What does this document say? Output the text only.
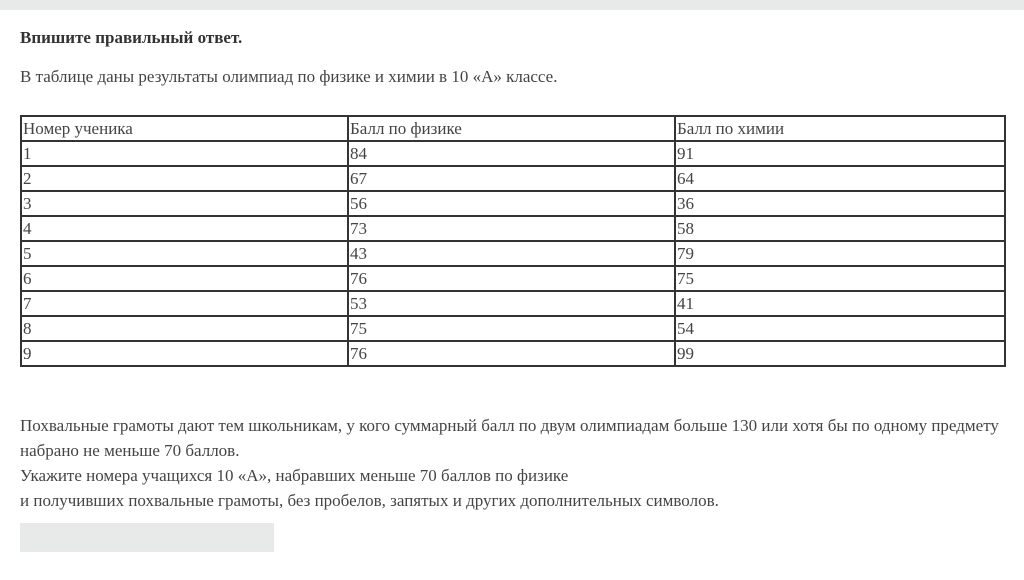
Впишите правильный ответ.
В таблице даны результаты олимпиад по физике и химии в 10 «А» классе.
Номер ученика	Балл по физике	Балл по химии
1	84	91
2	67	64
3	56	36
4	73	58
5	43	79
6	76	75
7	53	41
8	75	54
9	76	99

Похвальные грамоты дают тем школьникам, у кого суммарный балл по двум олимпиадам больше 130 или хотя бы по одному предмету набрано не меньше 70 баллов.

Укажите номера учащихся 10 «А», набравших меньше 70 баллов по физике

и получивших похвальные грамоты, без пробелов, запятых и других дополнительных символов.
